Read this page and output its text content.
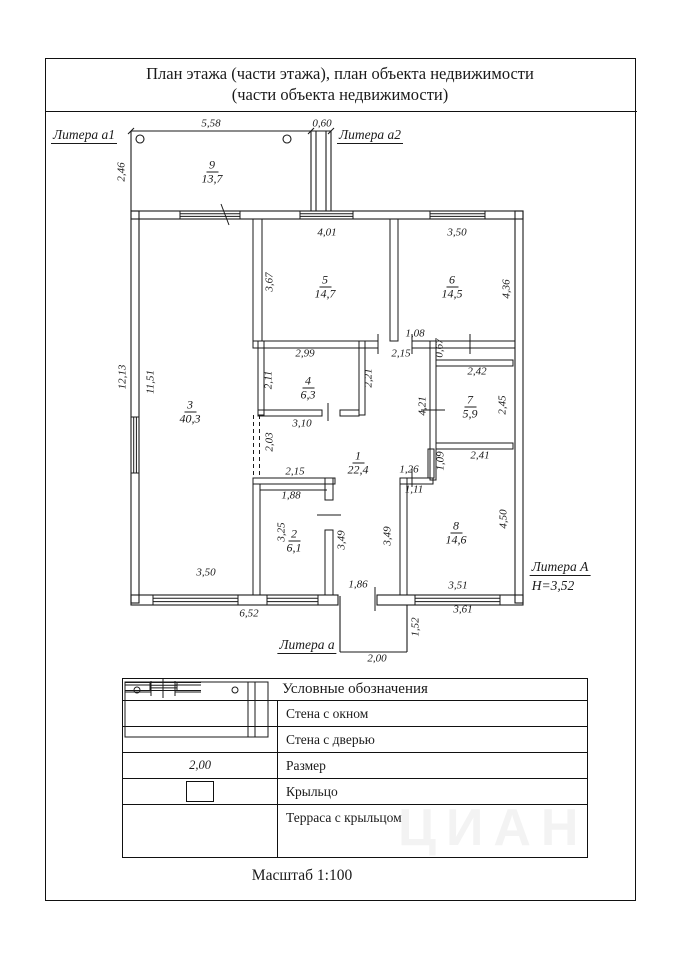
План этажа (части этажа), план объекта недвижимости
(части объекта недвижимости)
Литера a1	Литера a2
Литера А
Н=3,52
Литера a
1
22,4
2
6,1
3
40,3
4
6,3
5
14,7
6
14,5
7
5,9
8
14,6
9
13,7
5,58	0,60
2,46
12,13 11,51
4,01	3,50
3,67	4,36
1,08
2,15 0,67
2,99
2,11	2,21
3,10
2,42
2,45
4,21
2,41
1,09
2,03
2,15
1,88
1,26
1,11
3,25	3,49	3,49
4,50
3,50
6,52
1,86	3,51
3,61
1,52
2,00
Условные обозначения
Стена с окном
Стена с дверью
2,00	Размер
Крыльцо
Терраса с крыльцом
Масштаб 1:100
ЦИАН
